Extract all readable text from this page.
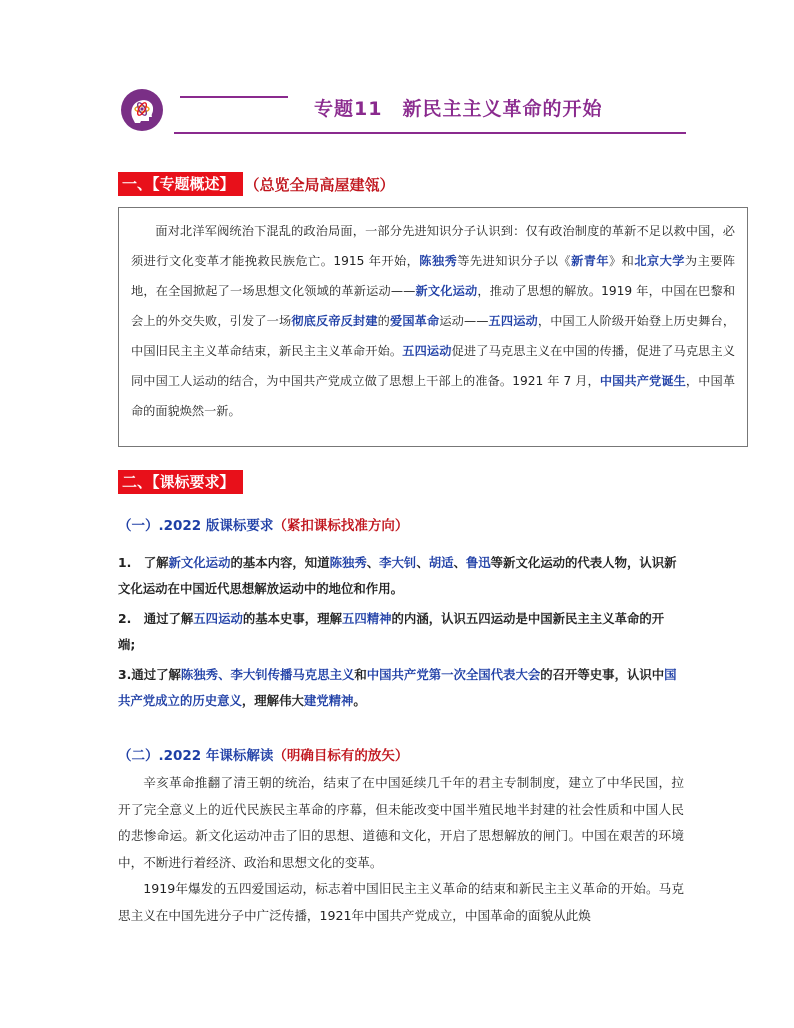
专题11　新民主主义革命的开始
一、【专题概述】 （总览全局高屋建瓴）

面对北洋军阀统治下混乱的政治局面，一部分先进知识分子认识到：仅有政治制度的革新不足以救中国，必须进行文化变革才能挽救民族危亡。1915 年开始，陈独秀等先进知识分子以《新青年》和北京大学为主要阵地，在全国掀起了一场思想文化领域的革新运动——新文化运动，推动了思想的解放。1919 年，中国在巴黎和会上的外交失败，引发了一场彻底反帝反封建的爱国革命运动——五四运动，中国工人阶级开始登上历史舞台，中国旧民主主义革命结束，新民主主义革命开始。五四运动促进了马克思主义在中国的传播，促进了马克思主义同中国工人运动的结合，为中国共产党成立做了思想上干部上的准备。1921 年 7 月，中国共产党诞生，中国革命的面貌焕然一新。

二、【课标要求】
（一）.2022 版课标要求（紧扣课标找准方向）

1.　了解新文化运动的基本内容，知道陈独秀、李大钊、胡适、鲁迅等新文化运动的代表人物，认识新文化运动在中国近代思想解放运动中的地位和作用。

2.　通过了解五四运动的基本史事，理解五四精神的内涵，认识五四运动是中国新民主主义革命的开端;

3.通过了解陈独秀、李大钊传播马克思主义和中国共产党第一次全国代表大会的召开等史事，认识中国共产党成立的历史意义，理解伟大建党精神。

（二）.2022 年课标解读（明确目标有的放矢）

辛亥革命推翻了清王朝的统治，结束了在中国延续几千年的君主专制制度，建立了中华民国，拉开了完全意义上的近代民族民主革命的序幕，但未能改变中国半殖民地半封建的社会性质和中国人民的悲惨命运。新文化运动冲击了旧的思想、道德和文化，开启了思想解放的闸门。中国在艰苦的环境中，不断进行着经济、政治和思想文化的变革。

1919年爆发的五四爱国运动，标志着中国旧民主主义革命的结束和新民主主义革命的开始。马克思主义在中国先进分子中广泛传播，1921年中国共产党成立，中国革命的面貌从此焕
